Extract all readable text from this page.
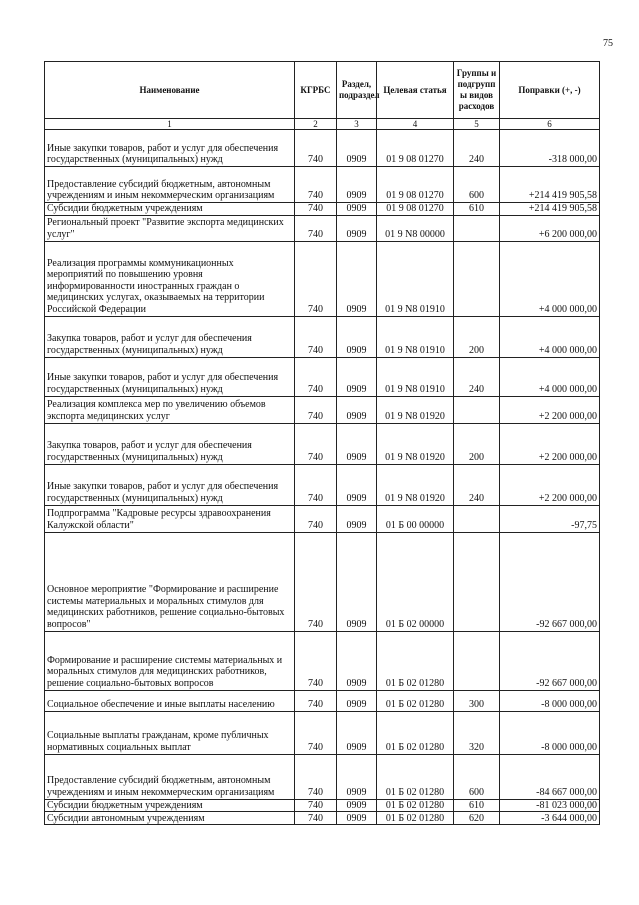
75
Наименование	КГРБС	Раздел, подраздел	Целевая статья	Группы и подгрупп ы видов расходов	Поправки (+, -)
1	2	3	4	5	6
Иные закупки товаров, работ и услуг для обеспечения государственных (муниципальных) нужд	740	0909	01 9 08 01270	240	-318 000,00
Предоставление субсидий бюджетным, автономным учреждениям и иным некоммерческим организациям	740	0909	01 9 08 01270	600	+214 419 905,58
Субсидии бюджетным учреждениям	740	0909	01 9 08 01270	610	+214 419 905,58
Региональный проект "Развитие экспорта медицинских услуг"	740	0909	01 9 N8 00000		+6 200 000,00
Реализация программы коммуникационных мероприятий по повышению уровня информированности иностранных граждан о медицинских услугах, оказываемых на территории Российской Федерации	740	0909	01 9 N8 01910		+4 000 000,00
Закупка товаров, работ и услуг для обеспечения государственных (муниципальных) нужд	740	0909	01 9 N8 01910	200	+4 000 000,00
Иные закупки товаров, работ и услуг для обеспечения государственных (муниципальных) нужд	740	0909	01 9 N8 01910	240	+4 000 000,00
Реализация комплекса мер по увеличению объемов экспорта медицинских услуг	740	0909	01 9 N8 01920		+2 200 000,00
Закупка товаров, работ и услуг для обеспечения государственных (муниципальных) нужд	740	0909	01 9 N8 01920	200	+2 200 000,00
Иные закупки товаров, работ и услуг для обеспечения государственных (муниципальных) нужд	740	0909	01 9 N8 01920	240	+2 200 000,00
Подпрограмма "Кадровые ресурсы здравоохранения Калужской области"	740	0909	01 Б 00 00000		-97,75
Основное мероприятие "Формирование и расширение системы материальных и моральных стимулов для медицинских работников, решение социально-бытовых вопросов"	740	0909	01 Б 02 00000		-92 667 000,00
Формирование и расширение системы материальных и моральных стимулов для медицинских работников, решение социально-бытовых вопросов	740	0909	01 Б 02 01280		-92 667 000,00
Социальное обеспечение и иные выплаты населению	740	0909	01 Б 02 01280	300	-8 000 000,00
Социальные выплаты гражданам, кроме публичных нормативных социальных выплат	740	0909	01 Б 02 01280	320	-8 000 000,00
Предоставление субсидий бюджетным, автономным учреждениям и иным некоммерческим организациям	740	0909	01 Б 02 01280	600	-84 667 000,00
Субсидии бюджетным учреждениям	740	0909	01 Б 02 01280	610	-81 023 000,00
Субсидии автономным учреждениям	740	0909	01 Б 02 01280	620	-3 644 000,00
